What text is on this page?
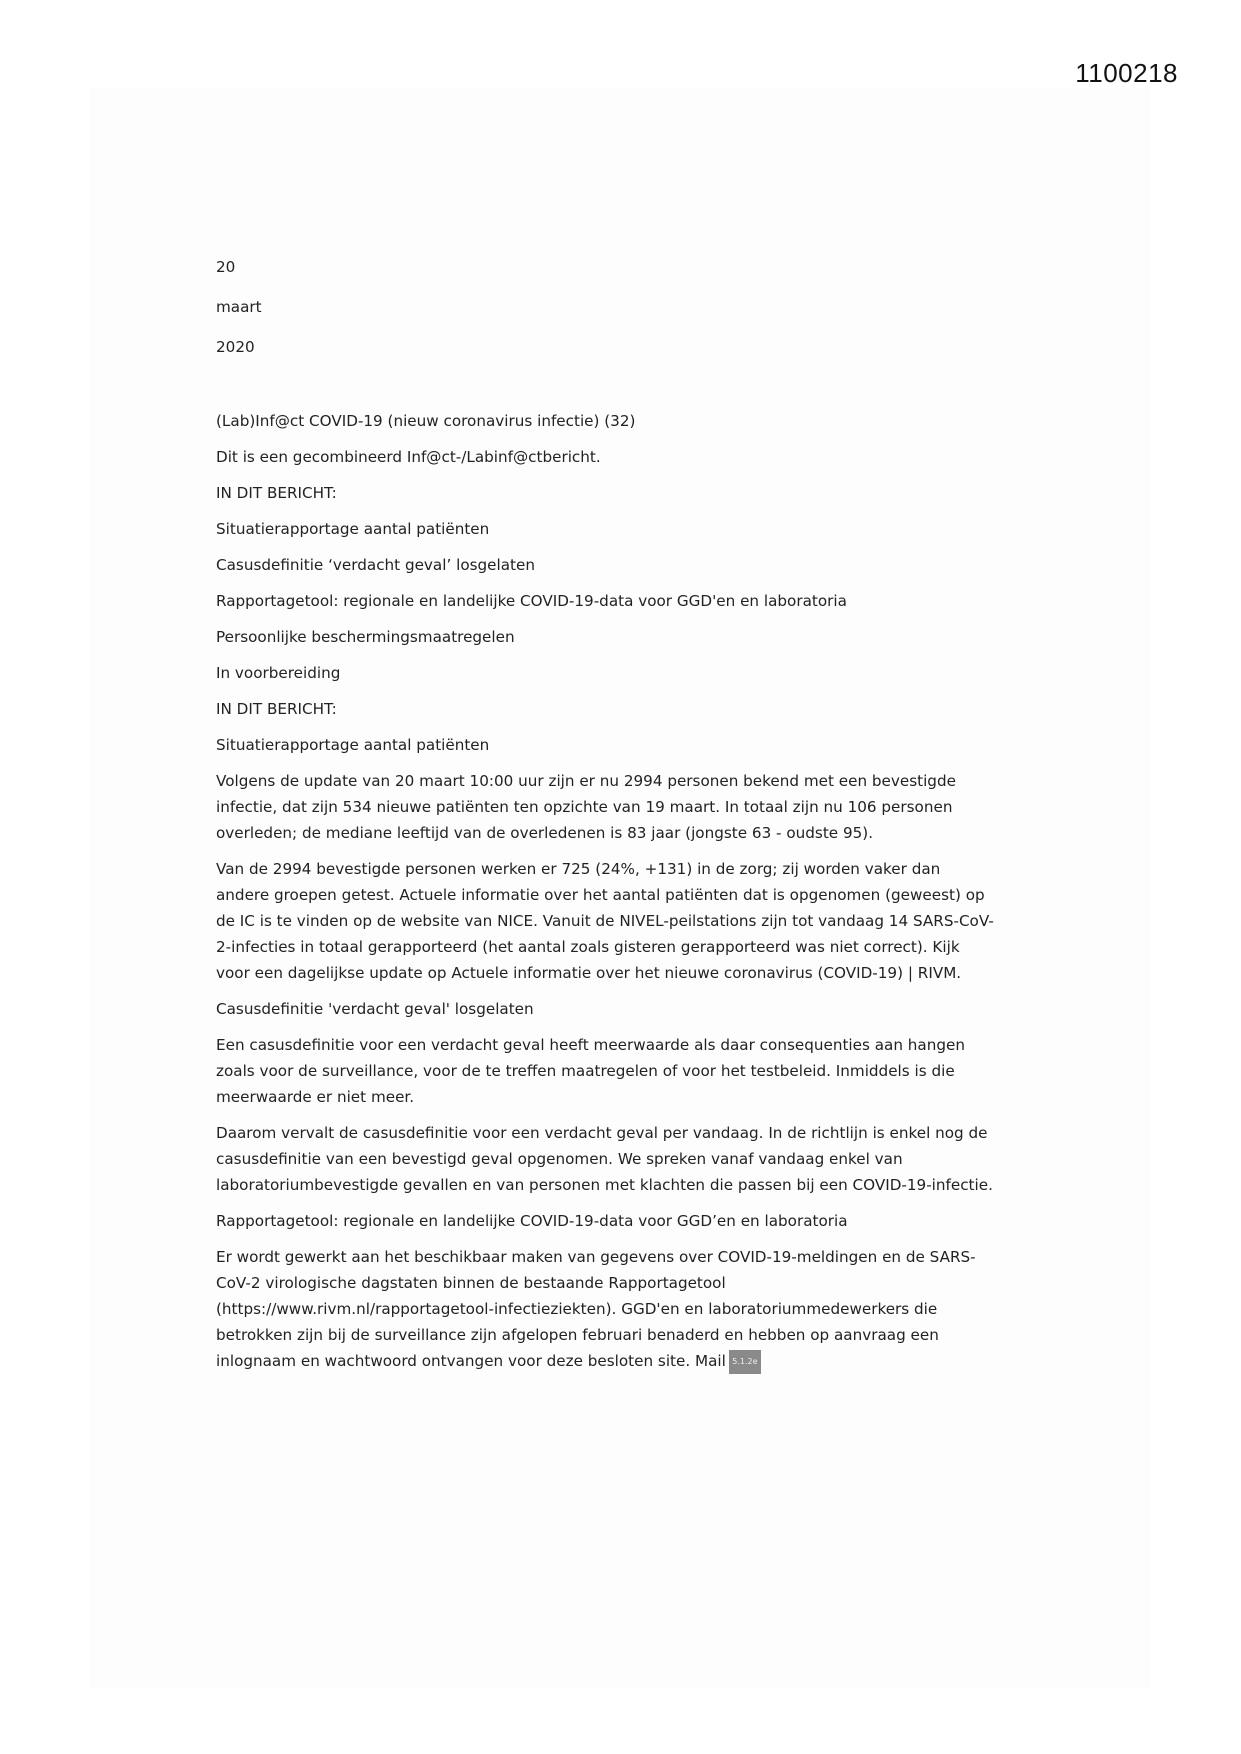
1100218

20

maart

2020

(Lab)Inf@ct COVID-19 (nieuw coronavirus infectie) (32)

Dit is een gecombineerd Inf@ct-/Labinf@ctbericht.

IN DIT BERICHT:

Situatierapportage aantal patiënten

Casusdefinitie ‘verdacht geval’ losgelaten

Rapportagetool: regionale en landelijke COVID-19-data voor GGD'en en laboratoria

Persoonlijke beschermingsmaatregelen

In voorbereiding

IN DIT BERICHT:

Situatierapportage aantal patiënten

Volgens de update van 20 maart 10:00 uur zijn er nu 2994 personen bekend met een bevestigde

infectie, dat zijn 534 nieuwe patiënten ten opzichte van 19 maart. In totaal zijn nu 106 personen

overleden; de mediane leeftijd van de overledenen is 83 jaar (jongste 63 - oudste 95).

Van de 2994 bevestigde personen werken er 725 (24%, +131) in de zorg; zij worden vaker dan

andere groepen getest. Actuele informatie over het aantal patiënten dat is opgenomen (geweest) op

de IC is te vinden op de website van NICE. Vanuit de NIVEL-peilstations zijn tot vandaag 14 SARS-CoV-

2-infecties in totaal gerapporteerd (het aantal zoals gisteren gerapporteerd was niet correct). Kijk

voor een dagelijkse update op Actuele informatie over het nieuwe coronavirus (COVID-19) | RIVM.

Casusdefinitie 'verdacht geval' losgelaten

Een casusdefinitie voor een verdacht geval heeft meerwaarde als daar consequenties aan hangen

zoals voor de surveillance, voor de te treffen maatregelen of voor het testbeleid. Inmiddels is die

meerwaarde er niet meer.

Daarom vervalt de casusdefinitie voor een verdacht geval per vandaag. In de richtlijn is enkel nog de

casusdefinitie van een bevestigd geval opgenomen. We spreken vanaf vandaag enkel van

laboratoriumbevestigde gevallen en van personen met klachten die passen bij een COVID-19-infectie.

Rapportagetool: regionale en landelijke COVID-19-data voor GGD’en en laboratoria

Er wordt gewerkt aan het beschikbaar maken van gegevens over COVID-19-meldingen en de SARS-

CoV-2 virologische dagstaten binnen de bestaande Rapportagetool

(https://www.rivm.nl/rapportagetool-infectieziekten). GGD'en en laboratoriummedewerkers die

betrokken zijn bij de surveillance zijn afgelopen februari benaderd en hebben op aanvraag een

inlognaam en wachtwoord ontvangen voor deze besloten site. Mail 5.1.2e
